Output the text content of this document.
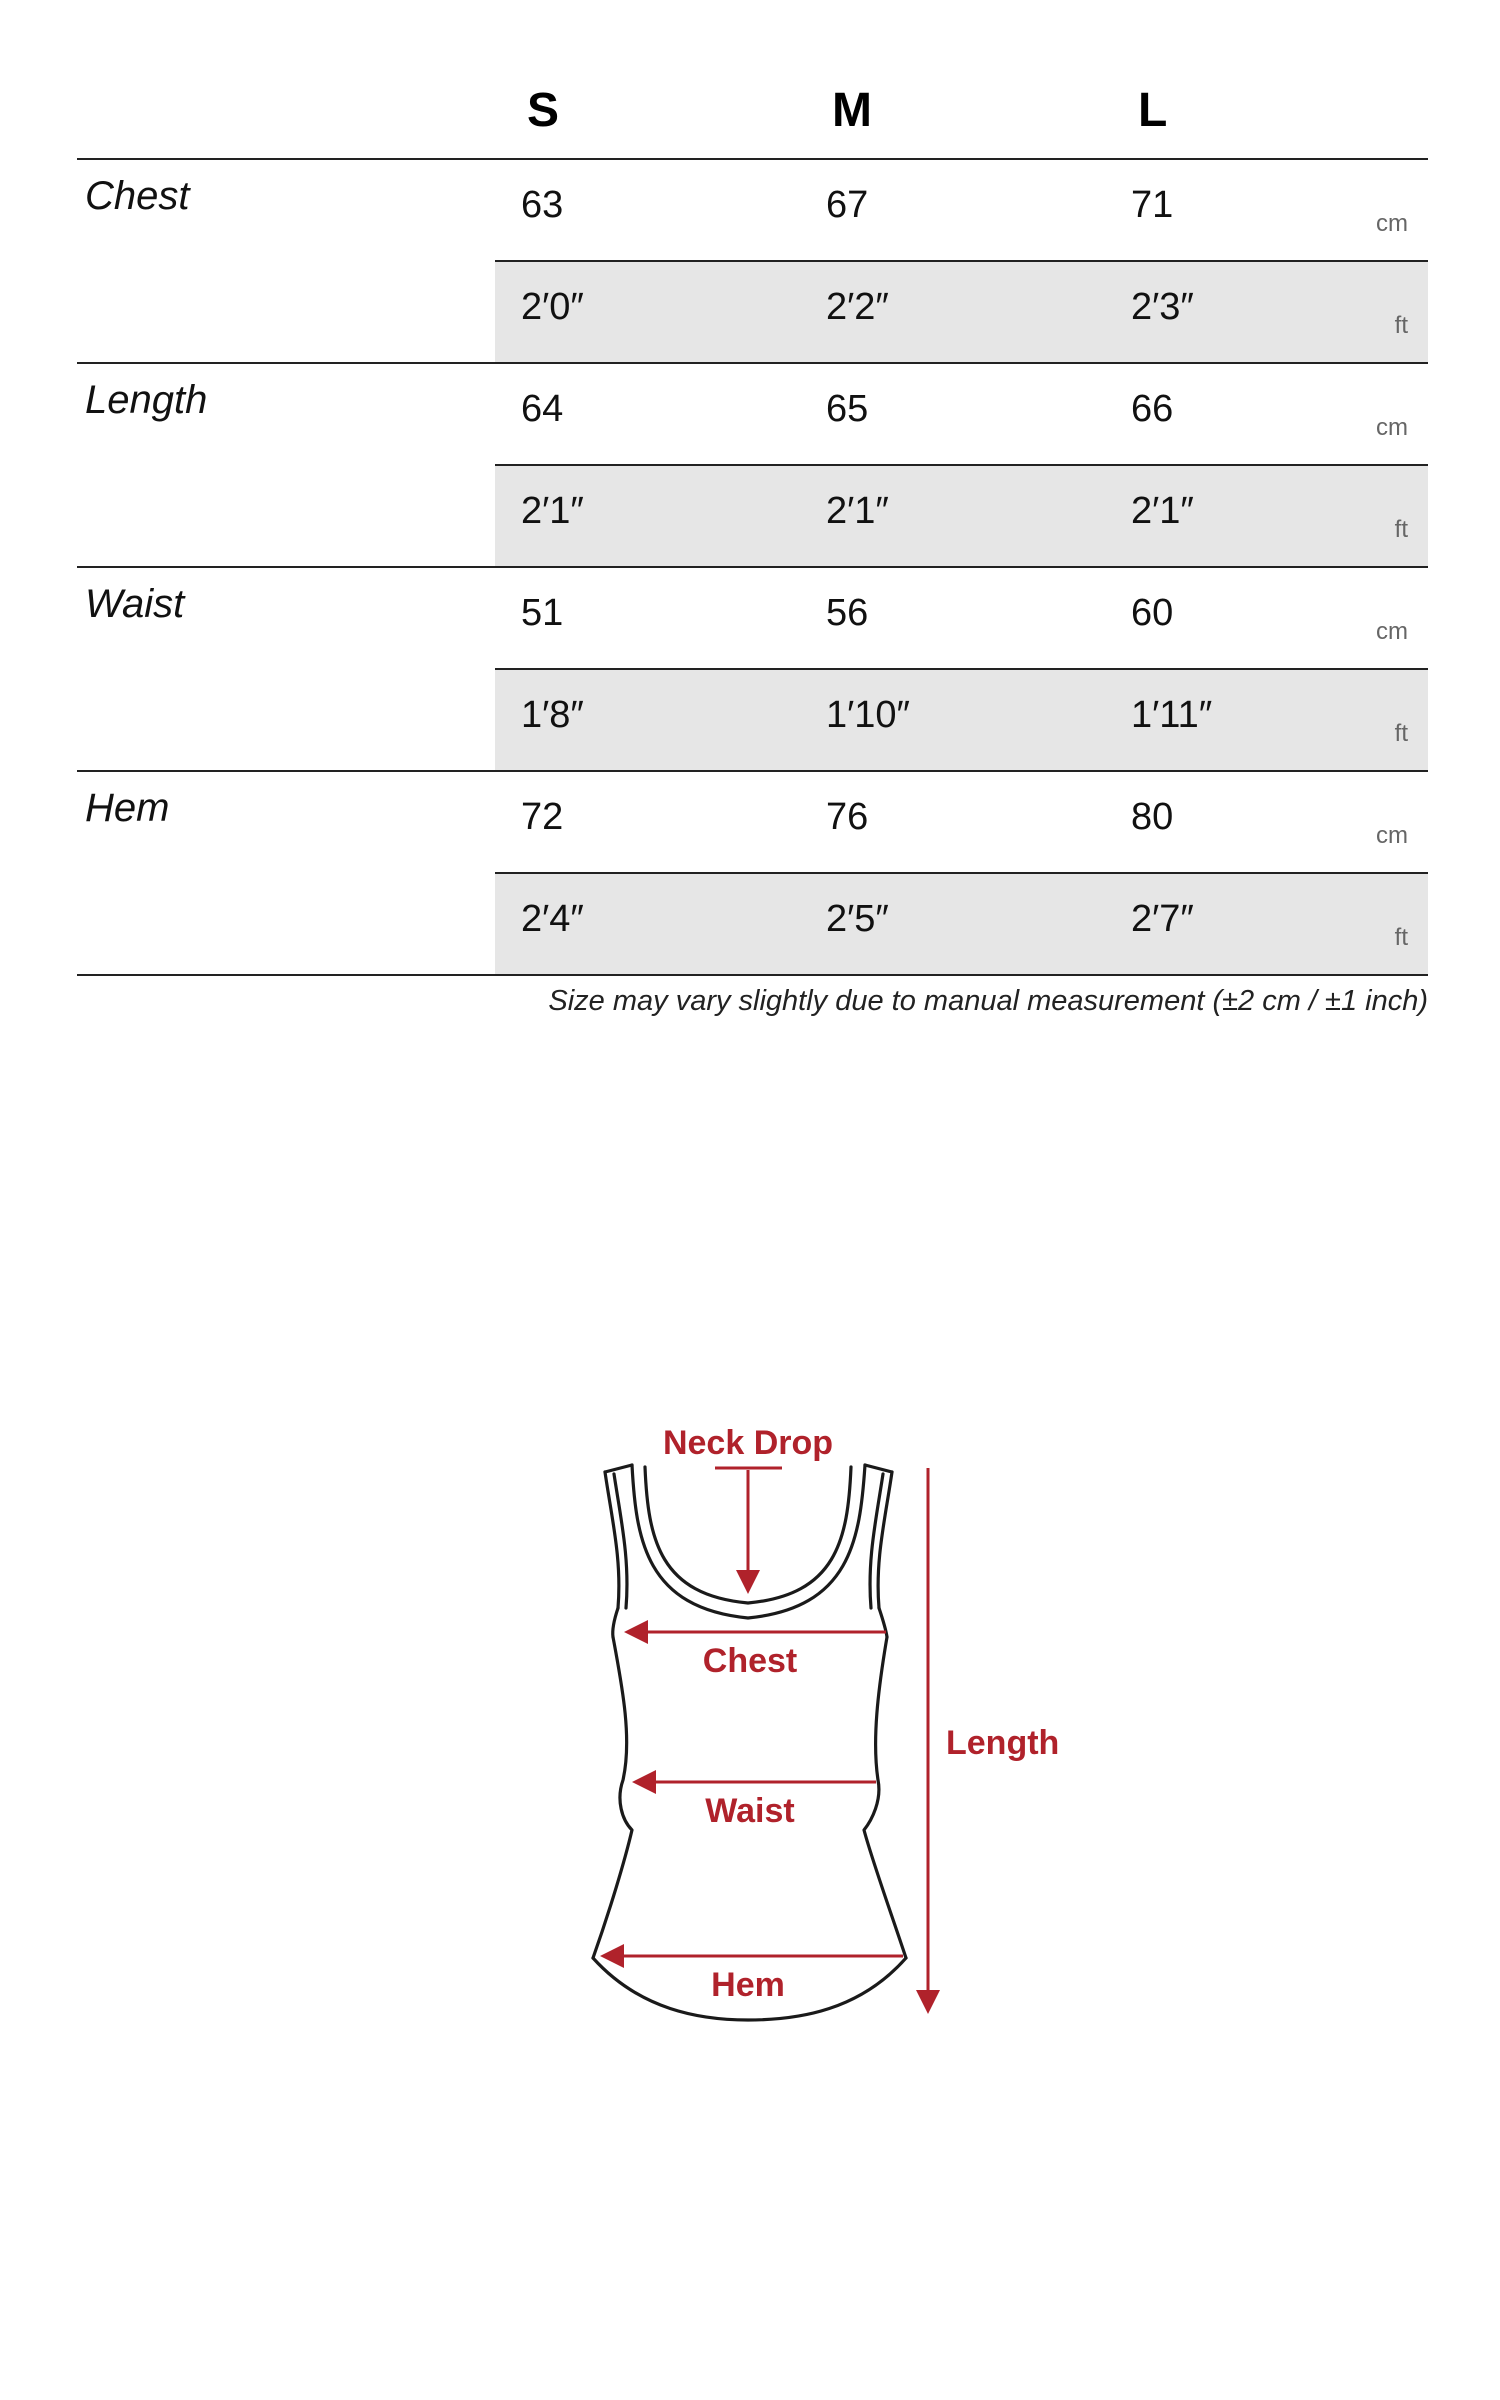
S	M	L
Chest	63	67	71	cm
2′0″	2′2″	2′3″	ft
Length	64	65	66	cm
2′1″	2′1″	2′1″	ft
Waist	51	56	60	cm
1′8″	1′10″	1′11″	ft
Hem	72	76	80	cm
2′4″	2′5″	2′7″	ft
Size may vary slightly due to manual measurement (±2 cm / ±1 inch)
Neck Drop
Chest
Waist
Hem
Length
